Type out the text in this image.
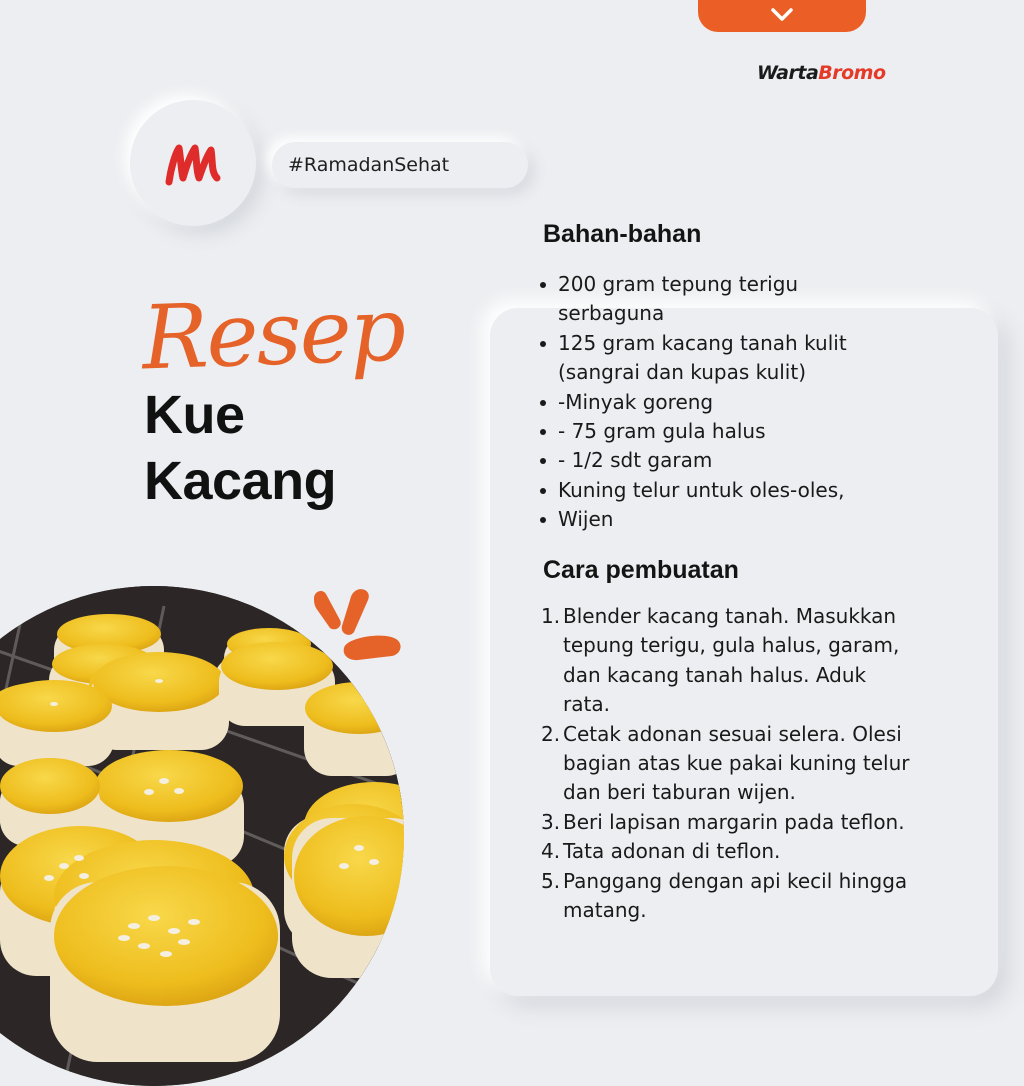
WartaBromo
#RamadanSehat
Resep
Kue
Kacang
Bahan-bahan
200 gram tepung terigu serbaguna
125 gram kacang tanah kulit (sangrai dan kupas kulit)
-Minyak goreng
- 75 gram gula halus
- 1/2 sdt garam
Kuning telur untuk oles-oles,
Wijen
Cara pembuatan
1. Blender kacang tanah. Masukkan tepung terigu, gula halus, garam, dan kacang tanah halus. Aduk rata.
2. Cetak adonan sesuai selera. Olesi bagian atas kue pakai kuning telur dan beri taburan wijen.
3. Beri lapisan margarin pada teflon.
4. Tata adonan di teflon.
5. Panggang dengan api kecil hingga matang.
